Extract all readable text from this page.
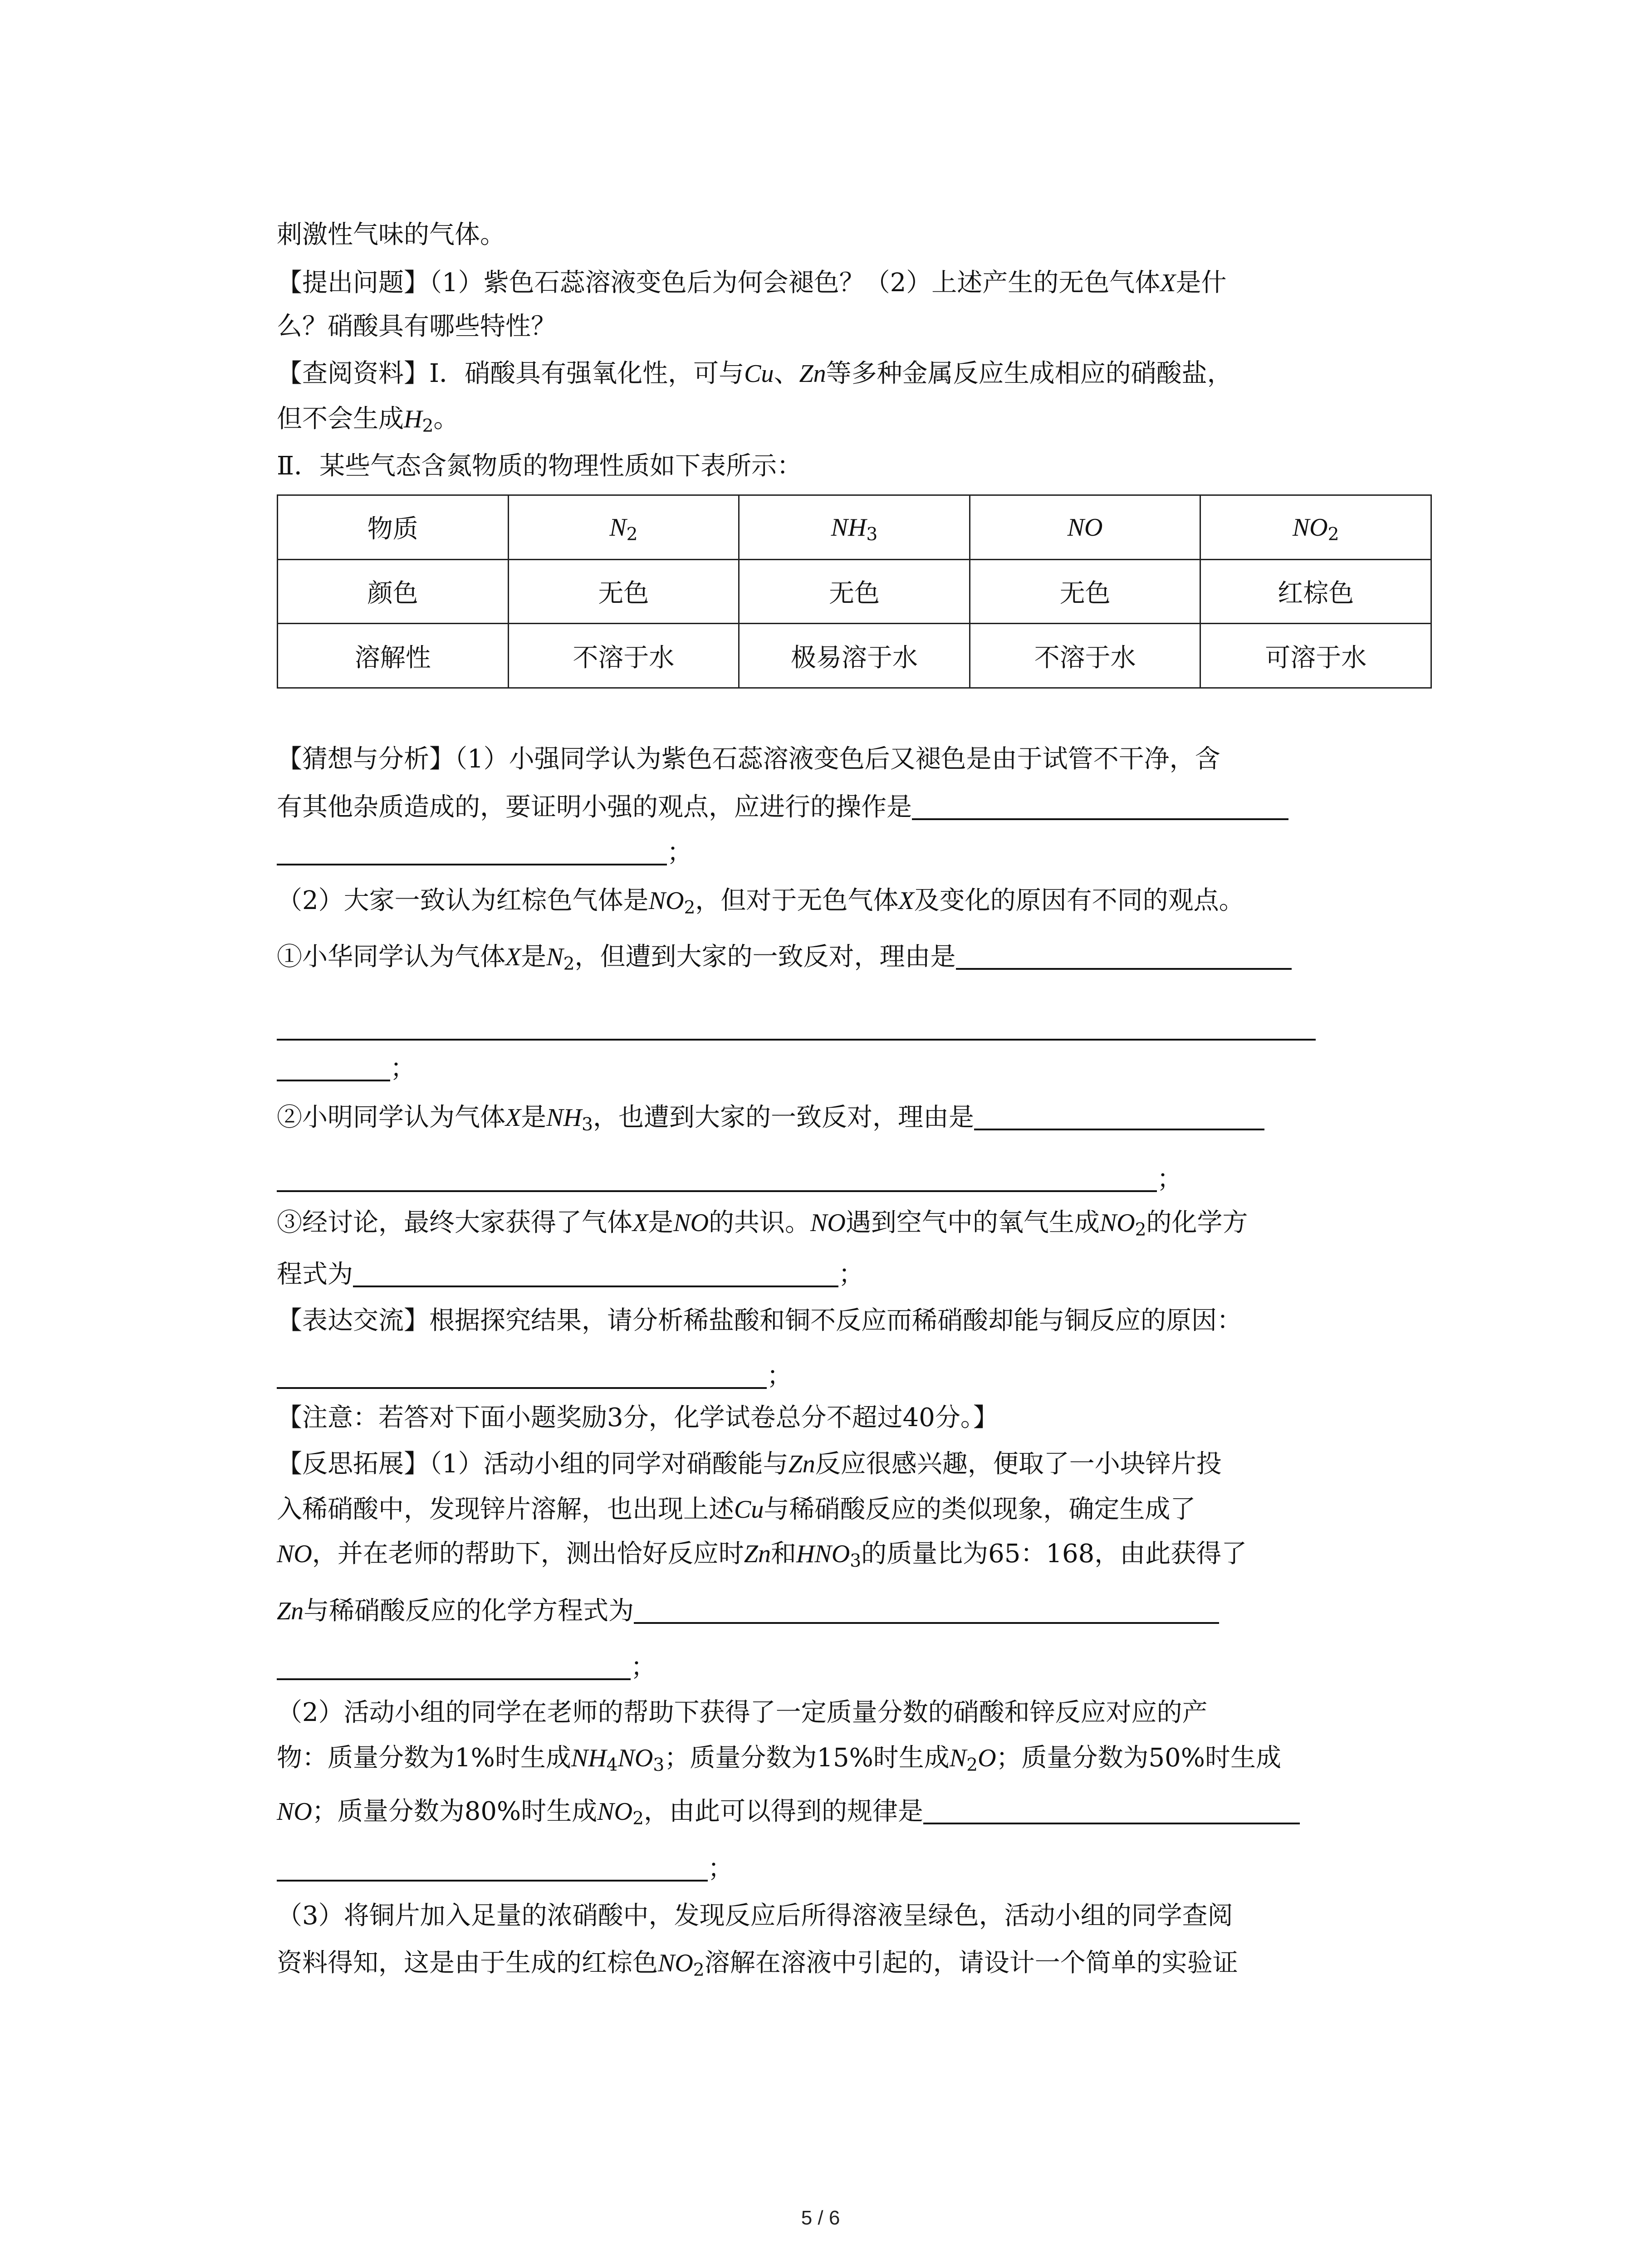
刺激性气味的气体。
【提出问题】（1）紫色石蕊溶液变色后为何会褪色？（2）上述产生的无色气体X是什
么？硝酸具有哪些特性？
【查阅资料】Ⅰ．硝酸具有强氧化性，可与Cu、Zn等多种金属反应生成相应的硝酸盐，
但不会生成$H_2$。
Ⅱ．某些气态含氮物质的物理性质如下表所示：
物质	$N_2$	$NH_3$	NO	$NO_2$
颜色	无色	无色	无色	红棕色
溶解性	不溶于水	极易溶于水	不溶于水	可溶于水
【猜想与分析】（1）小强同学认为紫色石蕊溶液变色后又褪色是由于试管不干净，含
有其他杂质造成的，要证明小强的观点，应进行的操作是
；
（2）大家一致认为红棕色气体是$NO_2$，但对于无色气体X及变化的原因有不同的观点。
①小华同学认为气体X是$N_2$，但遭到大家的一致反对，理由是
；
②小明同学认为气体X是$NH_3$，也遭到大家的一致反对，理由是
；
③经讨论，最终大家获得了气体X是NO的共识。NO遇到空气中的氧气生成$NO_2$的化学方
程式为	；
【表达交流】根据探究结果，请分析稀盐酸和铜不反应而稀硝酸却能与铜反应的原因：
；
【注意：若答对下面小题奖励3分，化学试卷总分不超过40分。】
【反思拓展】（1）活动小组的同学对硝酸能与Zn反应很感兴趣，便取了一小块锌片投
入稀硝酸中，发现锌片溶解，也出现上述Cu与稀硝酸反应的类似现象，确定生成了
NO，并在老师的帮助下，测出恰好反应时Zn和$HNO_3$的质量比为65：168，由此获得了
Zn与稀硝酸反应的化学方程式为
；
（2）活动小组的同学在老师的帮助下获得了一定质量分数的硝酸和锌反应对应的产
物：质量分数为1%时生成$NH_4NO_3$；质量分数为15%时生成$N_2O$；质量分数为50%时生成
NO；质量分数为80%时生成$NO_2$，由此可以得到的规律是
；
（3）将铜片加入足量的浓硝酸中，发现反应后所得溶液呈绿色，活动小组的同学查阅
资料得知，这是由于生成的红棕色$NO_2$溶解在溶液中引起的，请设计一个简单的实验证
5 / 6
